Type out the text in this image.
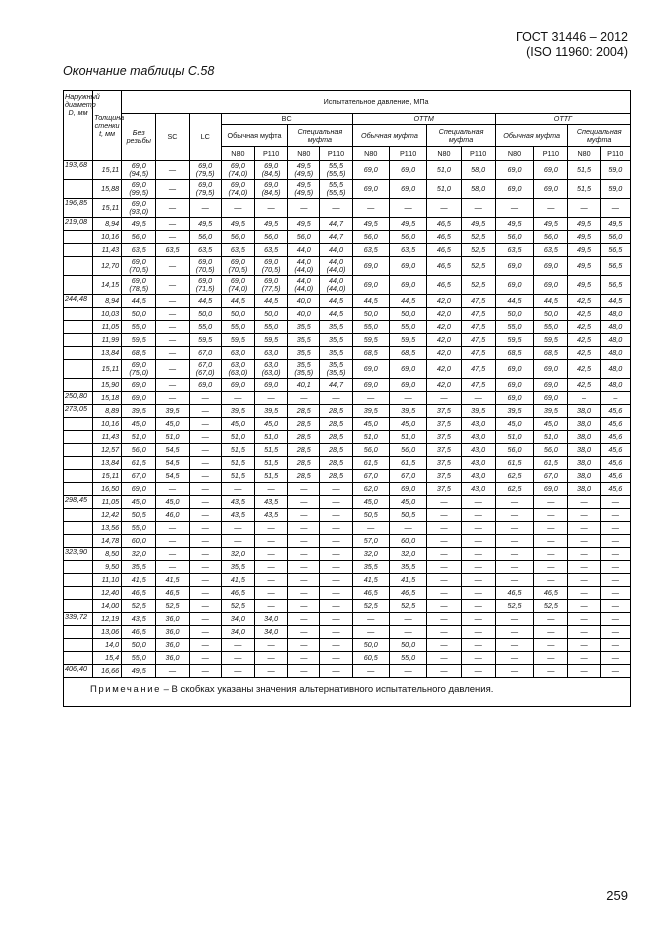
ГОСТ 31446 – 2012
(ISO 11960: 2004)
Окончание таблицы С.58
Наружный диаметр D, мм	Толщина стенки t, мм	Испытательное давление, МПа														
		Без резьбы	SC	LC	BC				ОТТМ				ОТТГ			
					Обычная муфта		Специальная муфта		Обычная муфта		Специальная муфта		Обычная муфта		Специальная муфта	
					N80	P110	N80	P110	N80	P110	N80	P110	N80	P110	N80	P110
193,68	15,11	69,0 (94,5)	—	69,0 (79,5)	69,0 (74,0)	69,0 (84,5)	49,5 (49,5)	55,5 (55,5)	69,0	69,0	51,0	58,0	69,0	69,0	51,5	59,0
	15,88	69,0 (99,5)	—	69,0 (79,5)	69,0 (74,0)	69,0 (84,5)	49,5 (49,5)	55,5 (55,5)	69,0	69,0	51,0	58,0	69,0	69,0	51,5	59,0
196,85	15,11	69,0 (93,0)	—	—	—	—	—	—	—	—	—	—	—	—	—	—
219,08	8,94	49,5	—	49,5	49,5	49,5	49,5	44,7	49,5	49,5	46,5	49,5	49,5	49,5	49,5	49,5
	10,16	56,0	—	56,0	56,0	56,0	56,0	44,7	56,0	56,0	46,5	52,5	56,0	56,0	49,5	56,0
	11,43	63,5	63,5	63,5	63,5	63,5	44,0	44,0	63,5	63,5	46,5	52,5	63,5	63,5	49,5	56,5
	12,70	69,0 (70,5)	—	69,0 (70,5)	69,0 (70,5)	69,0 (70,5)	44,0 (44,0)	44,0 (44,0)	69,0	69,0	46,5	52,5	69,0	69,0	49,5	56,5
	14,15	69,0 (78,5)	—	69,0 (71,5)	69,0 (74,0)	69,0 (77,5)	44,0 (44,0)	44,0 (44,0)	69,0	69,0	46,5	52,5	69,0	69,0	49,5	56,5
244,48	8,94	44,5	—	44,5	44,5	44,5	40,0	44,5	44,5	44,5	42,0	47,5	44,5	44,5	42,5	44,5
	10,03	50,0	—	50,0	50,0	50,0	40,0	44,5	50,0	50,0	42,0	47,5	50,0	50,0	42,5	48,0
	11,05	55,0	—	55,0	55,0	55,0	35,5	35,5	55,0	55,0	42,0	47,5	55,0	55,0	42,5	48,0
	11,99	59,5	—	59,5	59,5	59,5	35,5	35,5	59,5	59,5	42,0	47,5	59,5	59,5	42,5	48,0
	13,84	68,5	—	67,0	63,0	63,0	35,5	35,5	68,5	68,5	42,0	47,5	68,5	68,5	42,5	48,0
	15,11	69,0 (75,0)	—	67,0 (67,0)	63,0 (63,0)	63,0 (63,0)	35,5 (35,5)	35,5 (35,5)	69,0	69,0	42,0	47,5	69,0	69,0	42,5	48,0
	15,90	69,0	—	69,0	69,0	69,0	40,1	44,7	69,0	69,0	42,0	47,5	69,0	69,0	42,5	48,0
250,80	15,18	69,0	—	—	—	—	—	—	—	—	—	—	69,0	69,0	–	–
273,05	8,89	39,5	39,5	—	39,5	39,5	28,5	28,5	39,5	39,5	37,5	39,5	39,5	39,5	38,0	45,6
	10,16	45,0	45,0	—	45,0	45,0	28,5	28,5	45,0	45,0	37,5	43,0	45,0	45,0	38,0	45,6
	11,43	51,0	51,0	—	51,0	51,0	28,5	28,5	51,0	51,0	37,5	43,0	51,0	51,0	38,0	45,6
	12,57	56,0	54,5	—	51,5	51,5	28,5	28,5	56,0	56,0	37,5	43,0	56,0	56,0	38,0	45,6
	13,84	61,5	54,5	—	51,5	51,5	28,5	28,5	61,5	61,5	37,5	43,0	61,5	61,5	38,0	45,6
	15,11	67,0	54,5	—	51,5	51,5	28,5	28,5	67,0	67,0	37,5	43,0	62,5	67,0	38,0	45,6
	16,50	69,0	—	—	—	—	—	—	62,0	69,0	37,5	43,0	62,5	69,0	38,0	45,6
298,45	11,05	45,0	45,0	—	43,5	43,5	—	—	45,0	45,0	—	—	—	—	—	—
	12,42	50,5	46,0	—	43,5	43,5	—	—	50,5	50,5	—	—	—	—	—	—
	13,56	55,0	—	—	—	—	—	—	—	—	—	—	—	—	—	—
	14,78	60,0	—	—	—	—	—	—	57,0	60,0	—	—	—	—	—	—
323,90	8,50	32,0	—	—	32,0	—	—	—	32,0	32,0	—	—	—	—	—	—
	9,50	35,5	—	—	35,5	—	—	—	35,5	35,5	—	—	—	—	—	—
	11,10	41,5	41,5	—	41,5	—	—	—	41,5	41,5	—	—	—	—	—	—
	12,40	46,5	46,5	—	46,5	—	—	—	46,5	46,5	—	—	46,5	46,5	—	—
	14,00	52,5	52,5	—	52,5	—	—	—	52,5	52,5	—	—	52,5	52,5	—	—
339,72	12,19	43,5	36,0	—	34,0	34,0	—	—	—	—	—	—	—	—	—	—
	13,06	46,5	36,0	—	34,0	34,0	—	—	—	—	—	—	—	—	—	—
	14,0	50,0	36,0	—	—	—	—	—	50,0	50,0	—	—	—	—	—	—
	15,4	55,0	36,0	—	—	—	—	—	60,5	55,0	—	—	—	—	—	—
406,40	16,66	49,5	—	—	—	—	—	—	—	—	—	—	—	—	—	—
Примечание – В скобках указаны значения альтернативного испытательного давления.																
259
